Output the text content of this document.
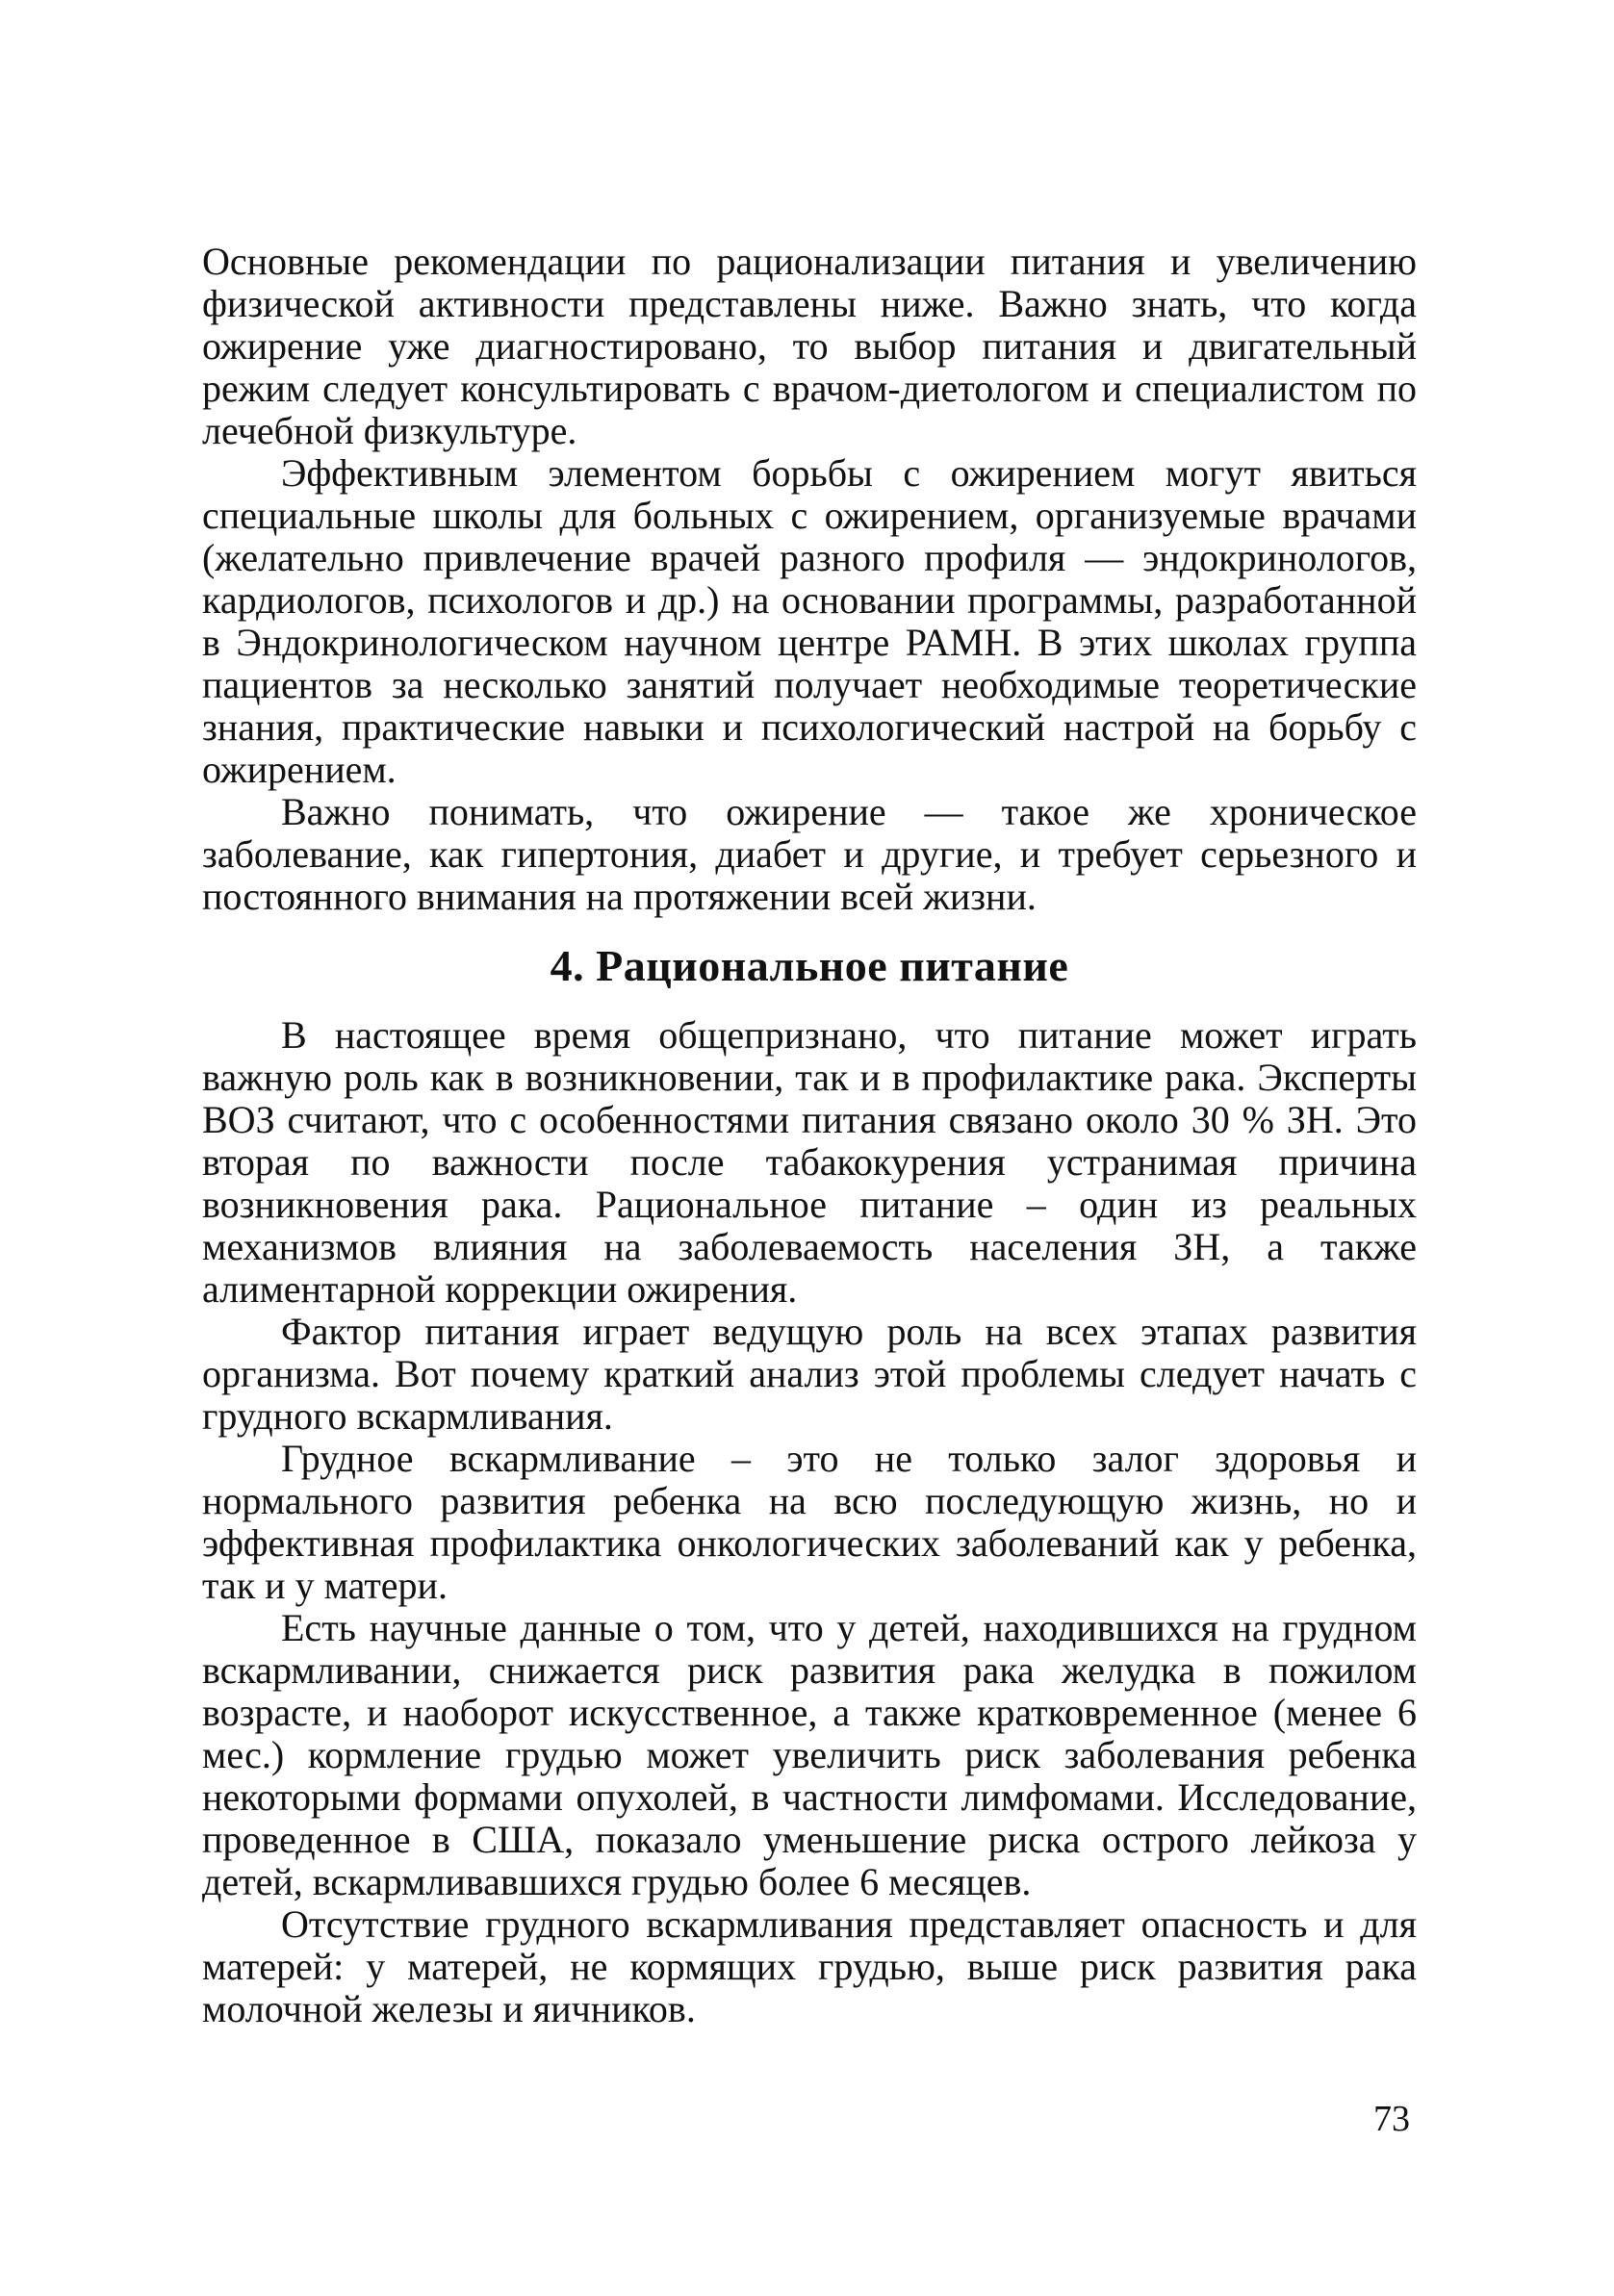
Основные рекомендации по рационализации питания и увеличению физической активности представлены ниже. Важно знать, что когда ожирение уже диагностировано, то выбор питания и двигательный режим следует консультировать с врачом-диетологом и специалистом по лечебной физкультуре.

Эффективным элементом борьбы с ожирением могут явиться специальные школы для больных с ожирением, организуемые врачами (желательно привлечение врачей разного профиля — эндокринологов, кардиологов, психологов и др.) на основании программы, разработанной в Эндокринологическом научном центре РАМН. В этих школах группа пациентов за несколько занятий получает необходимые теоретические знания, практические навыки и психологический настрой на борьбу с ожирением.

Важно понимать, что ожирение — такое же хроническое заболевание, как гипертония, диабет и другие, и требует серьезного и постоянного внимания на протяжении всей жизни.

4. Рациональное питание

В настоящее время общепризнано, что питание может играть важную роль как в возникновении, так и в профилактике рака. Эксперты ВОЗ считают, что с особенностями питания связано около 30 % ЗН. Это вторая по важности после табакокурения устранимая причина возникновения рака. Рациональное питание – один из реальных механизмов влияния на заболеваемость населения ЗН, а также алиментарной коррекции ожирения.

Фактор питания играет ведущую роль на всех этапах развития организма. Вот почему краткий анализ этой проблемы следует начать с грудного вскармливания.

Грудное вскармливание – это не только залог здоровья и нормального развития ребенка на всю последующую жизнь, но и эффективная профилактика онкологических заболеваний как у ребенка, так и у матери.

Есть научные данные о том, что у детей, находившихся на грудном вскармливании, снижается риск развития рака желудка в пожилом возрасте, и наоборот искусственное, а также кратковременное (менее 6 мес.) кормление грудью может увеличить риск заболевания ребенка некоторыми формами опухолей, в частности лимфомами. Исследование, проведенное в США, показало уменьшение риска острого лейкоза у детей, вскармливавшихся грудью более 6 месяцев.

Отсутствие грудного вскармливания представляет опасность и для матерей: у матерей, не кормящих грудью, выше риск развития рака молочной железы и яичников.

73
